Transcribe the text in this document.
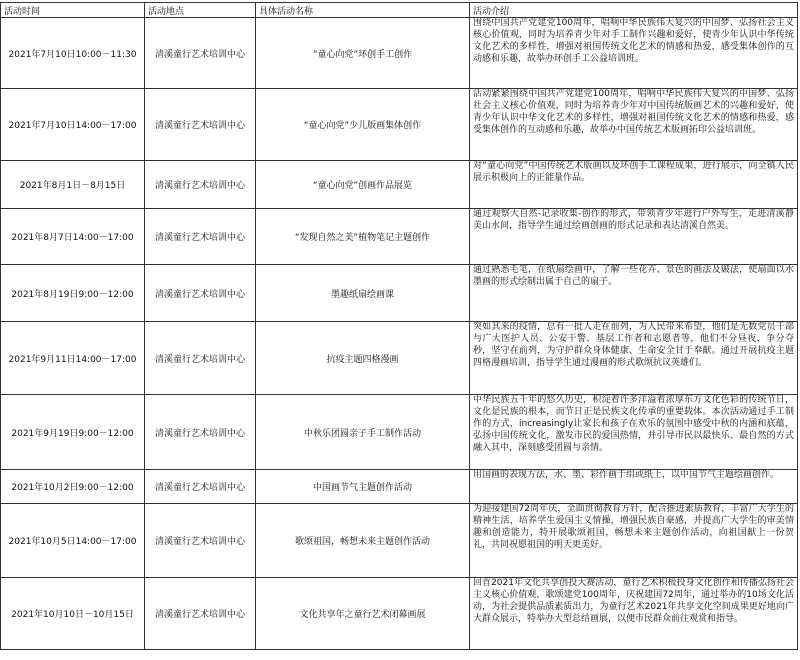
活动时间	活动地点	具体活动名称	活动介绍
2021年7月10日10:00－11:30	清溪童行艺术培训中心	“童心向党”环创手工创作	围绕中国共产党建党100周年，唱响中华民族伟大复兴的中国梦、弘扬社会主义核心价值观，同时为培养青少年对手工制作兴趣和爱好，使青少年认识中华传统文化艺术的多样性，增强对祖国传统文化艺术的情感和热爱，感受集体创作的互动感和乐趣，故举办环创手工公益培训班。
2021年7月10日14:00－17:00	清溪童行艺术培训中心	“童心向党”少儿版画集体创作	活动紧紧围绕中国共产党建党100周年，唱响中华民族伟大复兴的中国梦、弘扬社会主义核心价值观，同时为培养青少年对中国传统版画艺术的兴趣和爱好，使青少年认识中华文化艺术的多样性，增强对祖国传统文化艺术的情感和热爱，感受集体创作的互动感和乐趣，故举办中国传统艺术版画拓印公益培训班。
2021年8月1日－8月15日	清溪童行艺术培训中心	“童心向党”创画作品展览	对“童心向党”中国传统艺术版画以及环创手工课程成果，进行展示，向全镇人民展示积极向上的正能量作品。
2021年8月7日14:00－17:00	清溪童行艺术培训中心	“发现自然之美”植物笔记主题创作	通过观察大自然-记录收集-创作的形式，带领青少年进行户外写生，走进清溪静美山水间，指导学生通过绘画创画的形式记录和表达清溪自然美。
2021年8月19日9:00－12:00	清溪童行艺术培训中心	墨趣纸扇绘画课	通过熟悉毛笔，在纸扇绘画中，了解一些花卉、景色的画法及皴法，使扇面以水墨画的形式绘制出属于自己的扇子。
2021年9月11日14:00－17:00	清溪童行艺术培训中心	抗疫主题四格漫画	突如其来的疫情，总有一批人走在前列，为人民带来希望，他们是无数党员干部与广大医护人员、公安干警、基层工作者和志愿者等，他们不分昼夜、争分夺秒，坚守在前列，为守护群众身体健康、生命安全甘于奉献。通过开展抗疫主题四格漫画培训，指导学生通过漫画的形式歌颂抗议英雄们。
2021年9月19日9:00－12:00	清溪童行艺术培训中心	中秋乐团圆亲子手工制作活动	中华民族五千年的悠久历史，积淀着许多洋溢着浓厚东方文化色彩的传统节日，文化是民族的根本，而节日正是民族文化传承的重要载体。本次活动通过手工制作的方式，increasingly让家长和孩子在欢乐的氛围中感受中秋的内涵和底蕴，弘扬中国传统文化，激发市民的爱国热情，并引导市民以最快乐、最自然的方式融入其中，深刻感受团圆与亲情。
2021年10月2日9:00－12:00	清溪童行艺术培训中心	中国画节气主题创作活动	用国画的表现方法，水、墨、彩作画于绢或纸上，以中国节气主题绘画创作。
2021年10月5日14:00－17:00	清溪童行艺术培训中心	歌颂祖国，畅想未来主题创作活动	为迎接建国72周年庆，全面贯彻教育方针，配合推进素质教育，丰富广大学生的精神生活，培养学生爱国主义情操，增强民族自豪感，并提高广大学生的审美情趣和创造能力，特开展歌颂祖国，畅想未来主题创作活动，向祖国献上一份贺礼，共同祝愿祖国的明天更美好。
2021年10月10日－10月15日	清溪童行艺术培训中心	文化共享年之童行艺术闭幕画展	回首2021年文化共享创投大赛活动，童行艺术积极投身文化创作和传播弘扬社会主义核心价值观，歌颂建党100周年，庆祝建国72周年，通过举办的10场文化活动，为社会提供品质素质出力，为童行艺术2021年共享文化空间成果更好地向广大群众展示，特举办大型总结画展，以便市民群众前往观赏和指导。
